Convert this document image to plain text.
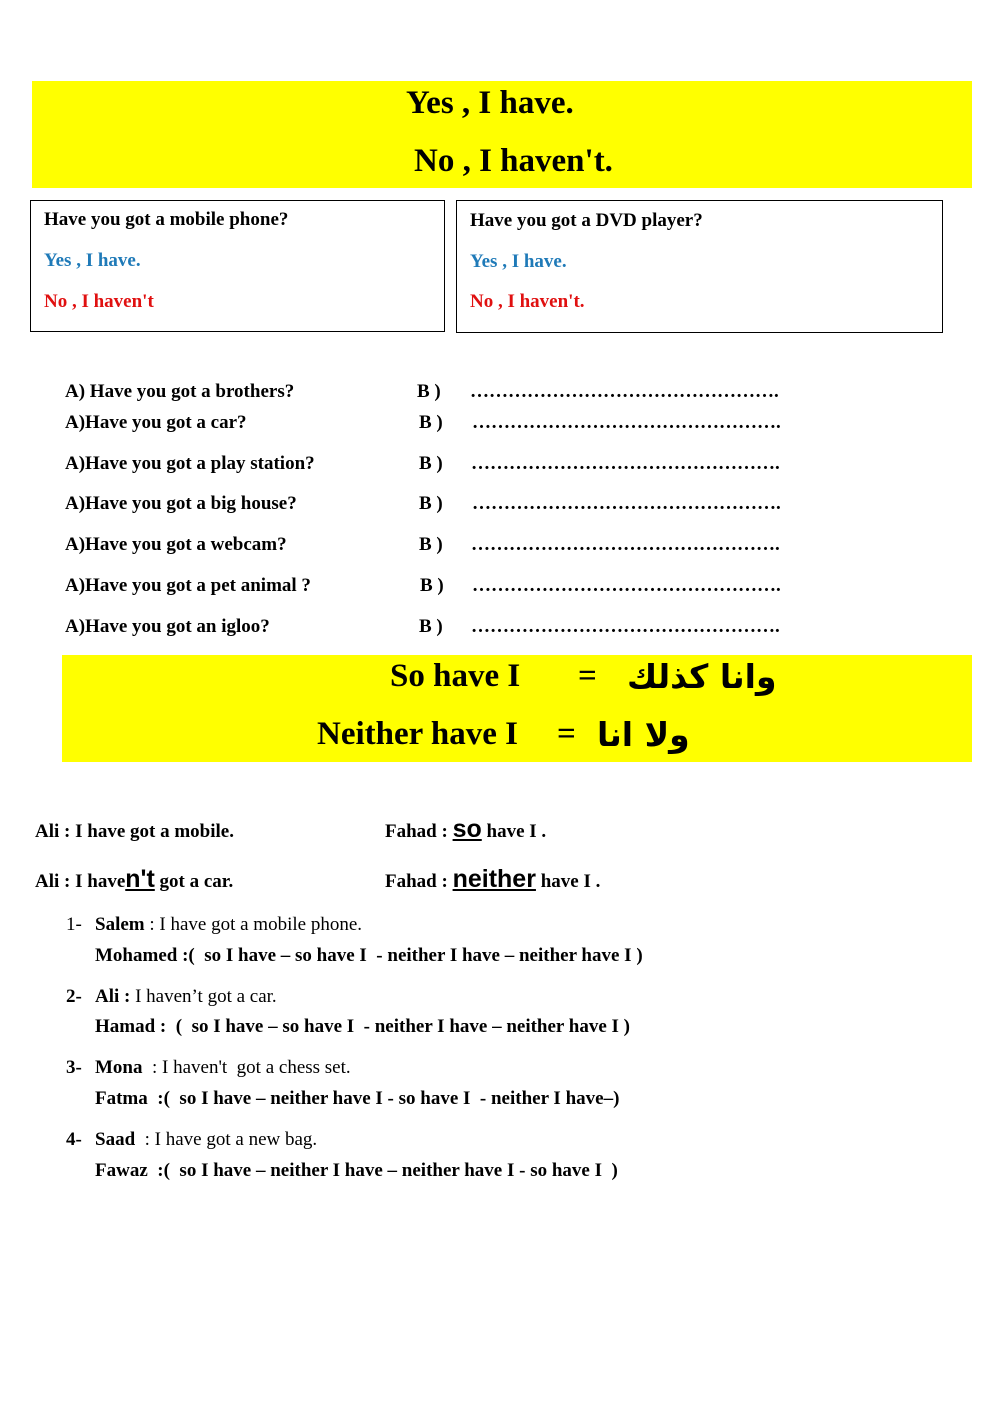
Yes , I have.
No , I haven't.
Have you got a mobile phone?
Yes , I have.
No , I haven't
Have you got a DVD player?
Yes , I have.
No , I haven't.
A) Have you got a brothers?	B ) ………………………………………….
A)Have you got a car?	B ) ………………………………………….
A)Have you got a play station?	B ) ………………………………………….
A)Have you got a big house?	B ) ………………………………………….
A)Have you got a webcam?	B ) ………………………………………….
A)Have you got a pet animal ?	B ) ………………………………………….
A)Have you got an igloo?	B ) ………………………………………….
So have I = وانا كذلك
Neither have I = ولا انا
Ali : I have got a mobile.	Fahad : so have I .
Ali : I haven't got a car.	Fahad : neither have I .
1- Salem : I have got a mobile phone.
Mohamed :(  so I have – so have I  - neither I have – neither have I )
2- Ali : I haven’t got a car.
Hamad :  (  so I have – so have I  - neither I have – neither have I )
3- Mona  : I haven't  got a chess set.
Fatma  :(  so I have – neither have I - so have I  - neither I have–)
4- Saad  : I have got a new bag.
Fawaz  :(  so I have – neither I have – neither have I - so have I  )
